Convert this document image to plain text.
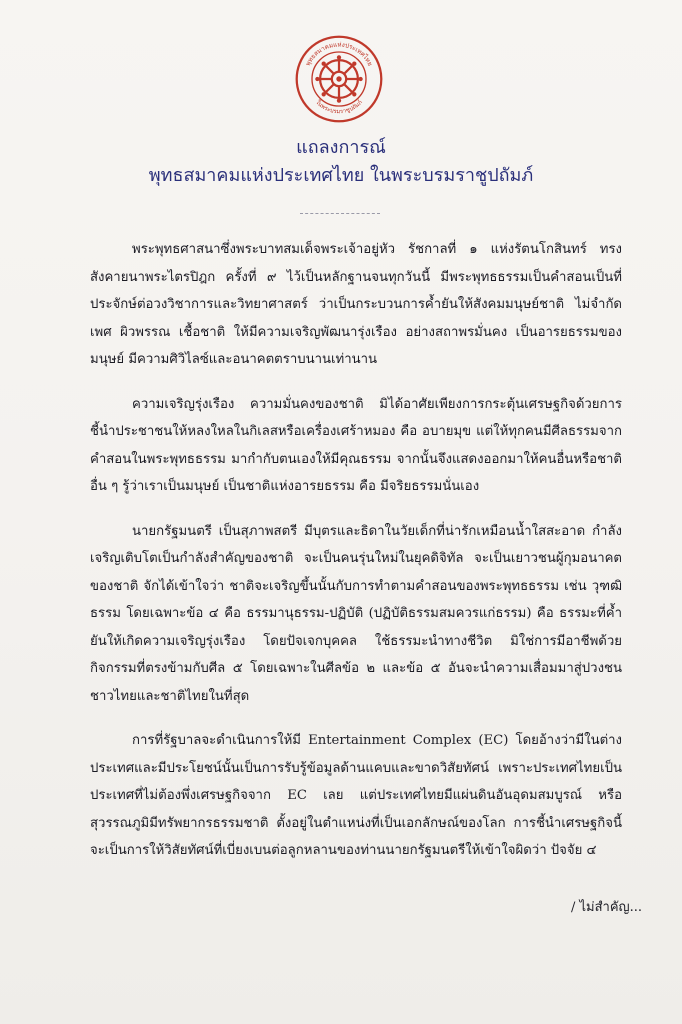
พุทธสมาคมแห่งประเทศไทย
ในพระบรมราชูปถัมภ์
แถลงการณ์
พุทธสมาคมแห่งประเทศไทย ในพระบรมราชูปถัมภ์

พระพุทธศาสนาซึ่งพระบาทสมเด็จพระเจ้าอยู่หัว รัชกาลที่ ๑ แห่งรัตนโกสินทร์ ทรงสังคายนาพระไตรปิฎก ครั้งที่ ๙ ไว้เป็นหลักฐานจนทุกวันนี้ มีพระพุทธธรรมเป็นคำสอนเป็นที่ประจักษ์ต่อวงวิชาการและวิทยาศาสตร์ ว่าเป็นกระบวนการค้ำยันให้สังคมมนุษย์ชาติ ไม่จำกัด เพศ ผิวพรรณ เชื้อชาติ ให้มีความเจริญพัฒนารุ่งเรือง อย่างสถาพรมั่นคง เป็นอารยธรรมของมนุษย์ มีความศิวิไลซ์และอนาคตตราบนานเท่านาน

ความเจริญรุ่งเรือง ความมั่นคงของชาติ มิได้อาศัยเพียงการกระตุ้นเศรษฐกิจด้วยการชี้นำประชาชนให้หลงใหลในกิเลสหรือเครื่องเศร้าหมอง คือ อบายมุข แต่ให้ทุกคนมีศีลธรรมจากคำสอนในพระพุทธธรรม มากำกับตนเองให้มีคุณธรรม จากนั้นจึงแสดงออกมาให้คนอื่นหรือชาติอื่น ๆ รู้ว่าเราเป็นมนุษย์ เป็นชาติแห่งอารยธรรม คือ มีจริยธรรมนั่นเอง

นายกรัฐมนตรี เป็นสุภาพสตรี มีบุตรและธิดาในวัยเด็กที่น่ารักเหมือนน้ำใสสะอาด กำลังเจริญเติบโตเป็นกำลังสำคัญของชาติ จะเป็นคนรุ่นใหม่ในยุคดิจิทัล จะเป็นเยาวชนผู้กุมอนาคตของชาติ จักได้เข้าใจว่า ชาติจะเจริญขึ้นนั้นกับการทำตามคำสอนของพระพุทธธรรม เช่น วุฑฒิธรรม โดยเฉพาะข้อ ๔ คือ ธรรมานุธรรม-ปฏิบัติ (ปฏิบัติธรรมสมควรแก่ธรรม) คือ ธรรมะที่ค้ำยันให้เกิดความเจริญรุ่งเรือง โดยปัจเจกบุคคล ใช้ธรรมะนำทางชีวิต มิใช่การมีอาชีพด้วยกิจกรรมที่ตรงข้ามกับศีล ๕ โดยเฉพาะในศีลข้อ ๒ และข้อ ๕ อันจะนำความเสื่อมมาสู่ปวงชนชาวไทยและชาติไทยในที่สุด

การที่รัฐบาลจะดำเนินการให้มี Entertainment Complex (EC) โดยอ้างว่ามีในต่างประเทศและมีประโยชน์นั้นเป็นการรับรู้ข้อมูลด้านแคบและขาดวิสัยทัศน์ เพราะประเทศไทยเป็นประเทศที่ไม่ต้องพึ่งเศรษฐกิจจาก EC เลย แต่ประเทศไทยมีแผ่นดินอันอุดมสมบูรณ์ หรือสุวรรณภูมิมีทรัพยากรธรรมชาติ ตั้งอยู่ในตำแหน่งที่เป็นเอกลักษณ์ของโลก การชี้นำเศรษฐกิจนี้จะเป็นการให้วิสัยทัศน์ที่เบี่ยงเบนต่อลูกหลานของท่านนายกรัฐมนตรีให้เข้าใจผิดว่า ปัจจัย ๔

/ ไม่สำคัญ...
